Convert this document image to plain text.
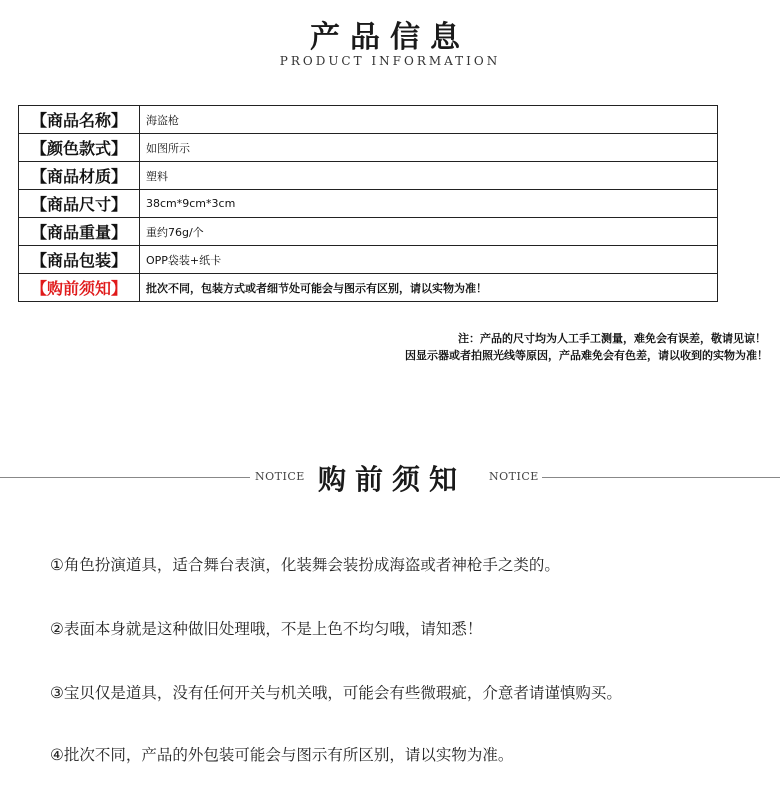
产品信息
PRODUCT INFORMATION
【商品名称】	海盗枪
【颜色款式】	如图所示
【商品材质】	塑料
【商品尺寸】	38cm*9cm*3cm
【商品重量】	重约76g/个
【商品包装】	OPP袋装+纸卡
【购前须知】	批次不同，包装方式或者细节处可能会与图示有区别，请以实物为准！
注：产品的尺寸均为人工手工测量，难免会有误差，敬请见谅！
因显示器或者拍照光线等原因，产品难免会有色差，请以收到的实物为准！
NOTICE 购前须知 NOTICE
①角色扮演道具，适合舞台表演，化装舞会装扮成海盗或者神枪手之类的。
②表面本身就是这种做旧处理哦，不是上色不均匀哦，请知悉！
③宝贝仅是道具，没有任何开关与机关哦，可能会有些微瑕疵，介意者请谨慎购买。
④批次不同，产品的外包装可能会与图示有所区别，请以实物为准。
